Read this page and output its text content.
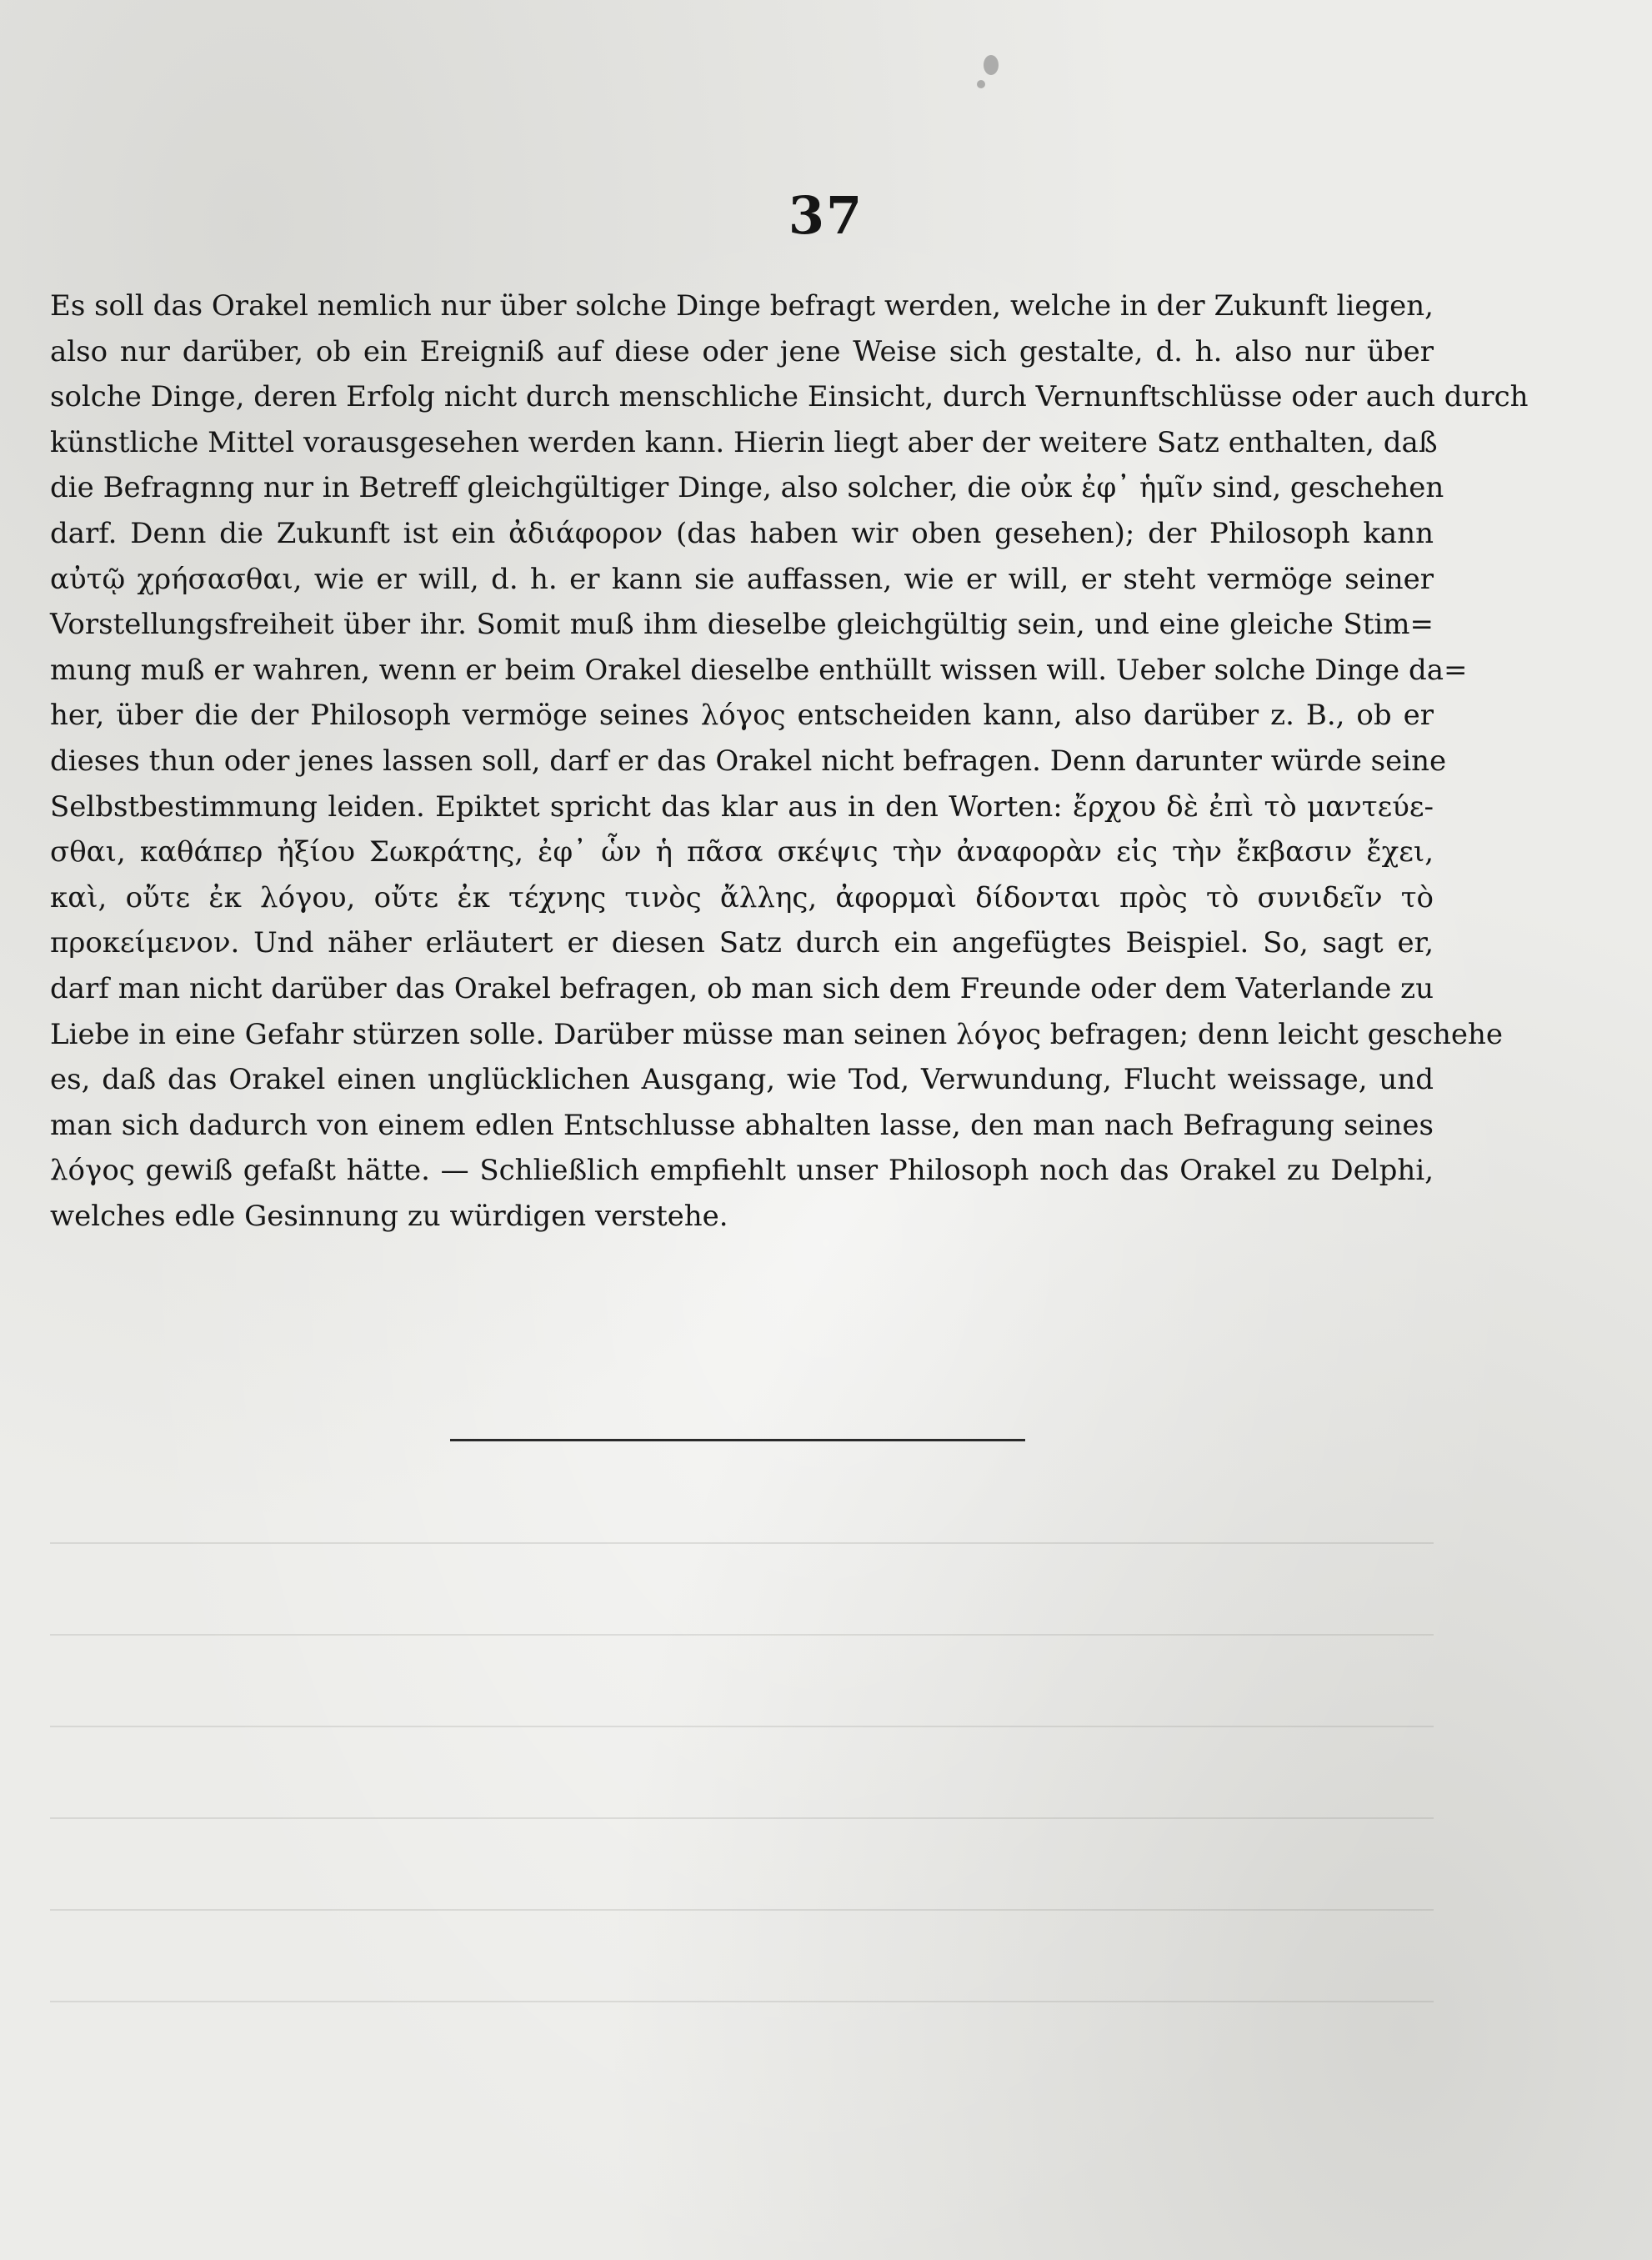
37
Es soll das Orakel nemlich nur über solche Dinge befragt werden, welche in der Zukunft liegen,
also nur darüber, ob ein Ereigniß auf diese oder jene Weise sich gestalte, d. h. also nur über
solche Dinge, deren Erfolg nicht durch menschliche Einsicht, durch Vernunftschlüsse oder auch durch
künstliche Mittel vorausgesehen werden kann. Hierin liegt aber der weitere Satz enthalten, daß
die Befragnng nur in Betreff gleichgültiger Dinge, also solcher, die οὐκ ἐφ᾽ ἡμῖν sind, geschehen
darf. Denn die Zukunft ist ein ἀδιάφορον (das haben wir oben gesehen); der Philosoph kann
αὐτῷ χρήσασθαι, wie er will, d. h. er kann sie auffassen, wie er will, er steht vermöge seiner
Vorstellungsfreiheit über ihr. Somit muß ihm dieselbe gleichgültig sein, und eine gleiche Stim=
mung muß er wahren, wenn er beim Orakel dieselbe enthüllt wissen will. Ueber solche Dinge da=
her, über die der Philosoph vermöge seines λόγος entscheiden kann, also darüber z. B., ob er
dieses thun oder jenes lassen soll, darf er das Orakel nicht befragen. Denn darunter würde seine
Selbstbestimmung leiden. Epiktet spricht das klar aus in den Worten: ἔρχου δὲ ἐπὶ τὸ μαντεύε-
σθαι, καθάπερ ἠξίου Σωκράτης, ἐφ᾽ ὧν ἡ πᾶσα σκέψις τὴν ἀναφορὰν εἰς τὴν ἔκβασιν ἔχει,
καὶ, οὔτε ἐκ λόγου, οὔτε ἐκ τέχνης τινὸς ἄλλης, ἀφορμαὶ δίδονται πρὸς τὸ συνιδεῖν τὸ
προκείμενον. Und näher erläutert er diesen Satz durch ein angefügtes Beispiel. So, sagt er,
darf man nicht darüber das Orakel befragen, ob man sich dem Freunde oder dem Vaterlande zu
Liebe in eine Gefahr stürzen solle. Darüber müsse man seinen λόγος befragen; denn leicht geschehe
es, daß das Orakel einen unglücklichen Ausgang, wie Tod, Verwundung, Flucht weissage, und
man sich dadurch von einem edlen Entschlusse abhalten lasse, den man nach Befragung seines
λόγος gewiß gefaßt hätte. — Schließlich empfiehlt unser Philosoph noch das Orakel zu Delphi,
welches edle Gesinnung zu würdigen verstehe.
